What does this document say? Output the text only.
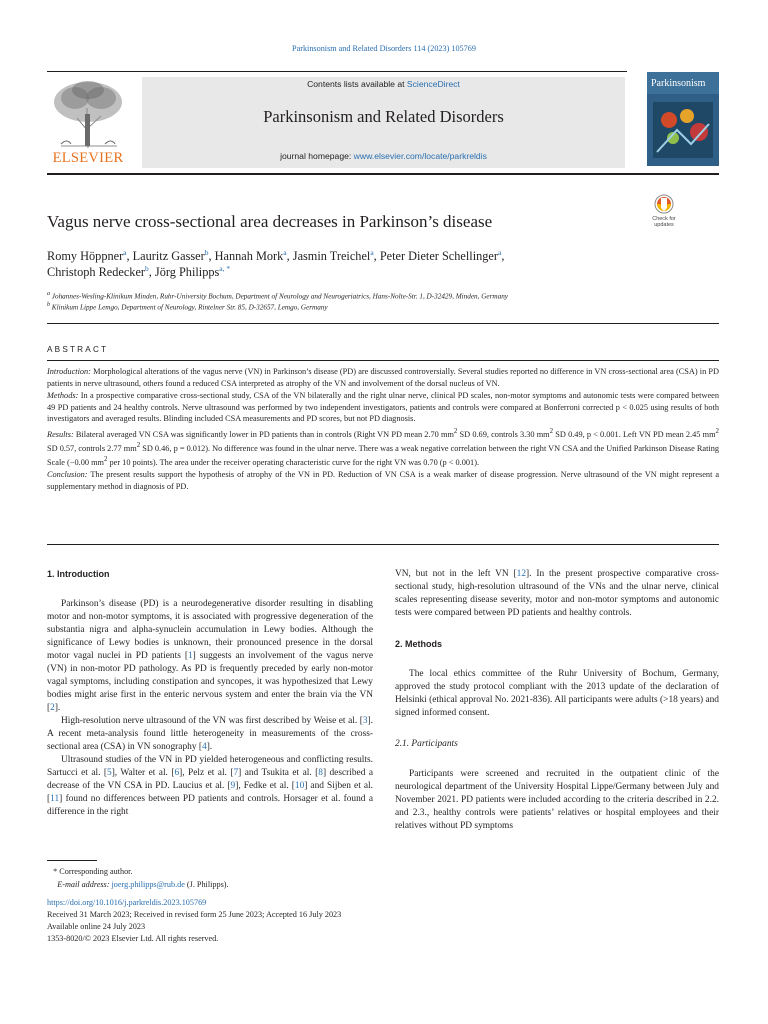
Parkinsonism and Related Disorders 114 (2023) 105769
ELSEVIER
Contents lists available at ScienceDirect
Parkinsonism and Related Disorders
journal homepage: www.elsevier.com/locate/parkreldis
Parkinsonism
Vagus nerve cross-sectional area decreases in Parkinson’s disease	Check for
updates
Romy Höppner$^a$, Lauritz Gasser$^b$, Hannah Mork$^a$, Jasmin Treichel$^a$, Peter Dieter Schellinger$^a$,
Christoph Redecker$^b$, Jörg Philipps$^{a, *}$
$^a$ Johannes-Wesling-Klinikum Minden, Ruhr-University Bochum, Department of Neurology and Neurogeriatrics, Hans-Nolte-Str. 1, D-32429, Minden, Germany
$^b$ Klinikum Lippe Lemgo, Department of Neurology, Rintelner Str. 85, D-32657, Lemgo, Germany
ABSTRACT

Introduction: Morphological alterations of the vagus nerve (VN) in Parkinson’s disease (PD) are discussed controversially. Several studies reported no difference in VN cross-sectional area (CSA) in PD patients in nerve ultrasound, others found a reduced CSA interpreted as atrophy of the VN and involvement of the dorsal nucleus of VN.

Methods: In a prospective comparative cross-sectional study, CSA of the VN bilaterally and the right ulnar nerve, clinical PD scales, non-motor symptoms and autonomic tests were compared between 49 PD patients and 24 healthy controls. Nerve ultrasound was performed by two independent investigators, patients and controls were compared at Bonferroni corrected p < 0.025 using results of both investigators and averaged results. Blinding included CSA measurements and PD scores, but not PD diagnosis.

Results: Bilateral averaged VN CSA was significantly lower in PD patients than in controls (Right VN PD mean 2.70 $mm^2$ SD 0.69, controls 3.30 $mm^2$ SD 0.49, p < 0.001. Left VN PD mean 2.45 $mm^2$ SD 0.57, controls 2.77 $mm^2$ SD 0.46, p = 0.012). No difference was found in the ulnar nerve. There was a weak negative correlation between the right VN CSA and the Unified Parkinson Disease Rating Scale (−0.00 $mm^2$ per 10 points). The area under the receiver operating characteristic curve for the right VN was 0.70 (p < 0.001).

Conclusion: The present results support the hypothesis of atrophy of the VN in PD. Reduction of VN CSA is a weak marker of disease progression. Nerve ultrasound of the VN might represent a supplementary method in diagnosis of PD.

1. Introduction

Parkinson’s disease (PD) is a neurodegenerative disorder resulting in disabling motor and non-motor symptoms, it is associated with progressive degeneration of the substantia nigra and alpha-synuclein accumulation in Lewy bodies. Although the significance of Lewy bodies is unknown, their pronounced presence in the dorsal motor vagal nuclei in PD patients [1] suggests an involvement of the vagus nerve (VN) in non-motor PD pathology. As PD is frequently preceded by early non-motor vagal symptoms, including constipation and syncopes, it was hypothesized that Lewy bodies might arise first in the enteric nervous system and enter the brain via the VN [2].

High-resolution nerve ultrasound of the VN was first described by Weise et al. [3]. A recent meta-analysis found little heterogeneity in measurements of the cross-sectional area (CSA) in VN sonography [4].

Ultrasound studies of the VN in PD yielded heterogeneous and conflicting results. Sartucci et al. [5], Walter et al. [6], Pelz et al. [7] and Tsukita et al. [8] described a decrease of the VN CSA in PD. Laucius et al. [9], Fedke et al. [10] and Sijben et al. [11] found no differences between PD patients and controls. Horsager et al. found a difference in the right

VN, but not in the left VN [12]. In the present prospective comparative cross-sectional study, high-resolution ultrasound of the VNs and the ulnar nerve, clinical scales representing disease severity, motor and non-motor symptoms and autonomic tests were compared between PD patients and healthy controls.

2. Methods

The local ethics committee of the Ruhr University of Bochum, Germany, approved the study protocol compliant with the 2013 update of the declaration of Helsinki (ethical approval No. 2021-836). All participants were adults (>18 years) and signed informed consent.

2.1. Participants

Participants were screened and recruited in the outpatient clinic of the neurological department of the University Hospital Lippe/Germany between July and November 2021. PD patients were included according to the criteria described in 2.2. and 2.3., healthy controls were patients’ relatives or hospital employees and their relatives without PD symptoms

* Corresponding author.
E-mail address: joerg.philipps@rub.de (J. Philipps).
https://doi.org/10.1016/j.parkreldis.2023.105769
Received 31 March 2023; Received in revised form 25 June 2023; Accepted 16 July 2023
Available online 24 July 2023
1353-8020/© 2023 Elsevier Ltd. All rights reserved.
